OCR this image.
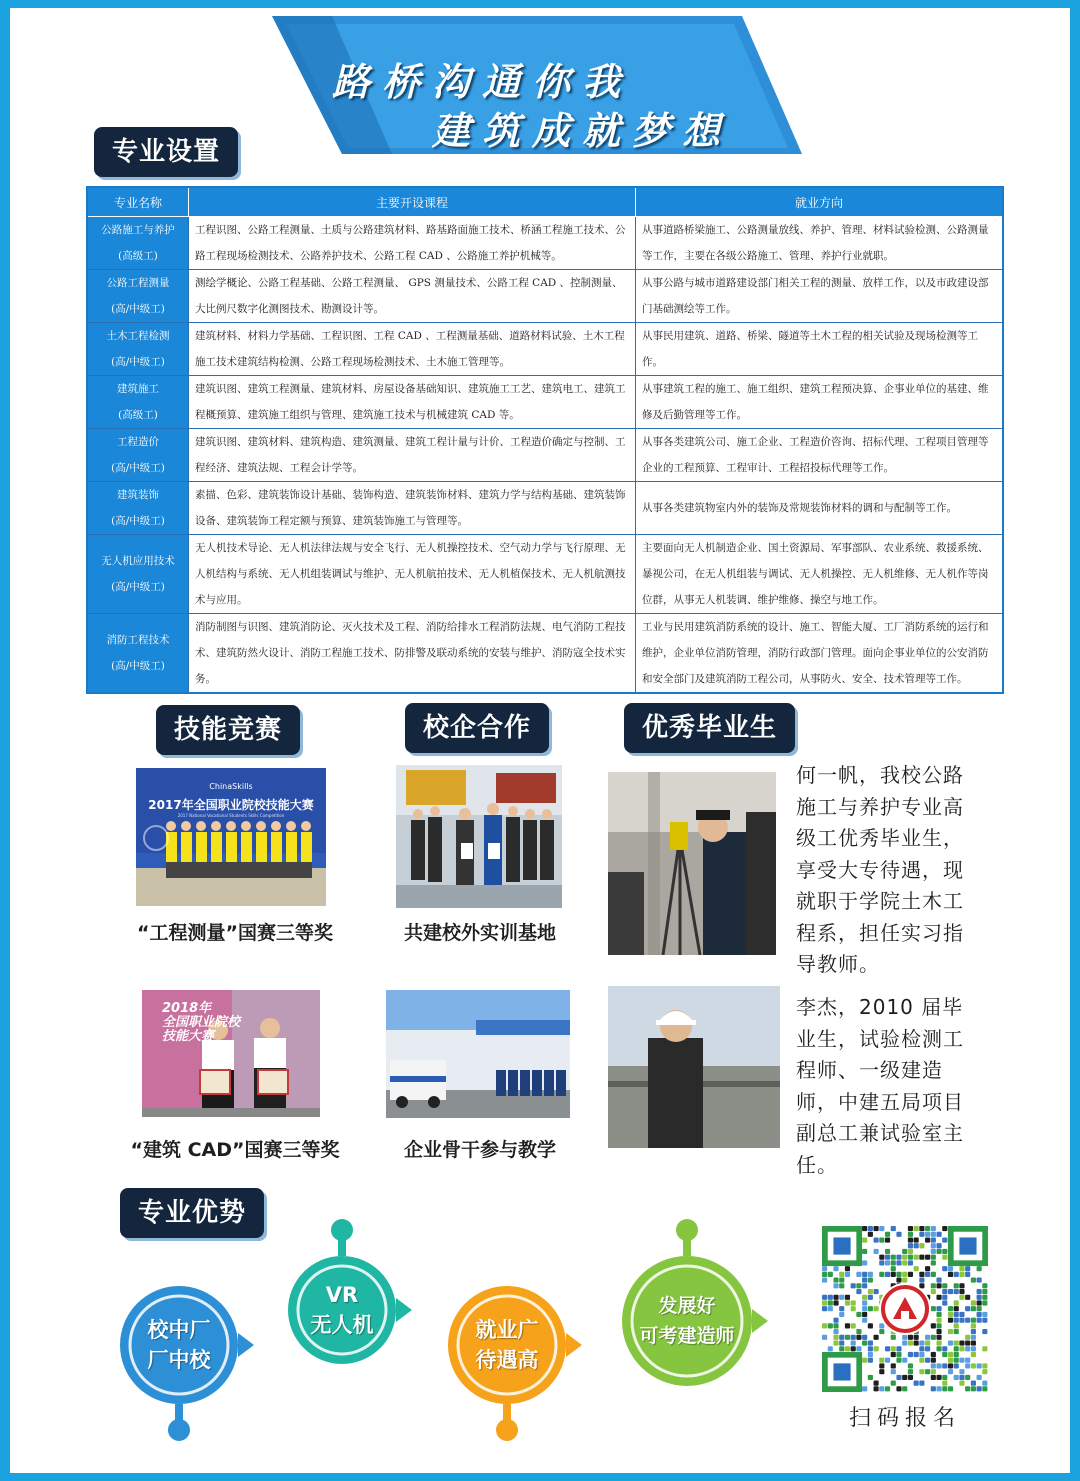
路桥沟通你我
建筑成就梦想
专业设置
专业名称	主要开设课程	就业方向

公路施工与养护
(高级工)	工程识图、公路工程测量、土质与公路建筑材料、路基路面施工技术、桥涵工程施工技术、公路工程现场检测技术、公路养护技术、公路工程 CAD 、公路施工养护机械等。	从事道路桥梁施工、公路测量放线、养护、管理、材料试验检测、公路测量等工作，主要在各级公路施工、管理、养护行业就职。

公路工程测量
(高/中级工)	测绘学概论、公路工程基础、公路工程测量、 GPS 测量技术、公路工程 CAD 、控制测量、大比例尺数字化测图技术、勘测设计等。	从事公路与城市道路建设部门相关工程的测量、放样工作，以及市政建设部门基础测绘等工作。

土木工程检测
(高/中级工)	建筑材料、材料力学基础、工程识图、工程 CAD 、工程测量基础、道路材料试验、土木工程施工技术建筑结构检测、公路工程现场检测技术、土木施工管理等。	从事民用建筑、道路、桥梁、隧道等土木工程的相关试验及现场检测等工作。

建筑施工
(高级工)	建筑识图、建筑工程测量、建筑材料、房屋设备基础知识、建筑施工工艺、建筑电工、建筑工程概预算、建筑施工组织与管理、建筑施工技术与机械建筑 CAD 等。	从事建筑工程的施工、施工组织、建筑工程预决算、企事业单位的基建、维修及后勤管理等工作。

工程造价
(高/中级工)	建筑识图、建筑材料、建筑构造、建筑测量、建筑工程计量与计价、工程造价确定与控制、工程经济、建筑法规、工程会计学等。	从事各类建筑公司、施工企业、工程造价咨询、招标代理、工程项目管理等企业的工程预算、工程审计、工程招投标代理等工作。

建筑装饰
(高/中级工)	素描、色彩、建筑装饰设计基础、装饰构造、建筑装饰材料、建筑力学与结构基础、建筑装饰设备、建筑装饰工程定额与预算、建筑装饰施工与管理等。	从事各类建筑物室内外的装饰及常规装饰材料的调和与配制等工作。

无人机应用技术
(高/中级工)	无人机技术导论、无人机法律法规与安全飞行、无人机操控技术、空气动力学与飞行原理、无人机结构与系统、无人机组装调试与维护、无人机航拍技术、无人机植保技术、无人机航测技术与应用。	主要面向无人机制造企业、国土资源局、军事部队、农业系统、救援系统、暴视公司，在无人机组装与调试、无人机操控、无人机维修、无人机作等岗位群，从事无人机装调、维护维修、操空与地工作。

消防工程技术
(高/中级工)	消防制图与识图、建筑消防论、灭火技术及工程、消防给排水工程消防法规、电气消防工程技术、建筑防然火设计、消防工程施工技术、防排警及联动系统的安装与维护、消防寇全技术实务。	工业与民用建筑消防系统的设计、施工、智能大厦、工厂消防系统的运行和维护，企业单位消防管理，消防行政部门管理。面向企事业单位的公安消防和安全部门及建筑消防工程公司，从事防火、安全、技术管理等工作。
技能竞赛	校企合作	优秀毕业生
ChinaSkills
2017年全国职业院校技能大赛
2017 National Vocational Students Skills Competition
“工程测量”国赛三等奖	共建校外实训基地
何一帆，我校公路施工与养护专业高级工优秀毕业生，享受大专待遇，现就职于学院土木工程系，担任实习指导教师。
2018年
全国职业院校
技能大赛
“建筑 CAD”国赛三等奖	企业骨干参与教学
李杰，2010 届毕业生，试验检测工程师、一级建造师，中建五局项目副总工兼试验室主任。
专业优势
校中厂
厂中校
VR
无人机	就业广
待遇高
发展好
可考建造师
扫码报名
